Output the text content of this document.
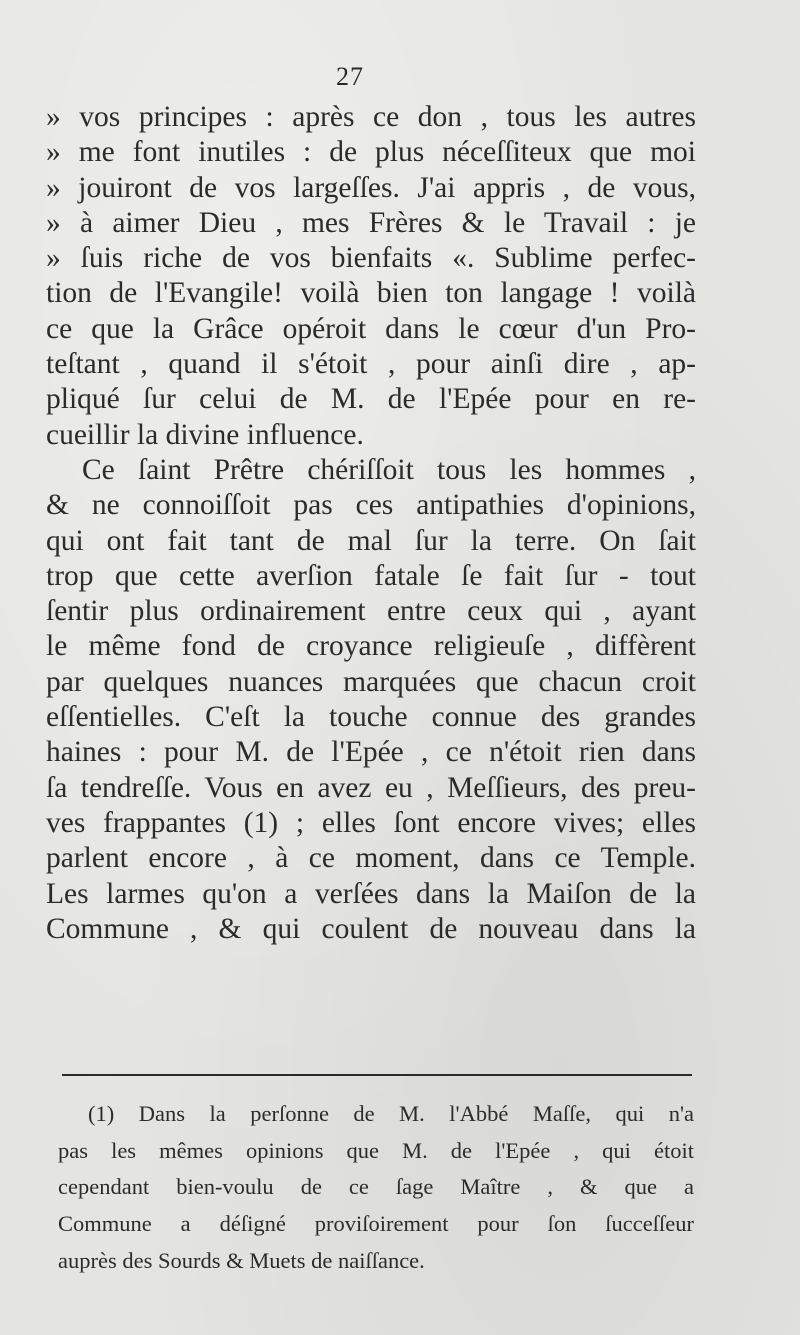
27
» vos principes : après ce don , tous les autres
» me font inutiles : de plus néceſſiteux que moi
» jouiront de vos largeſſes. J'ai appris , de vous,
» à aimer Dieu , mes Frères & le Travail : je
» ſuis riche de vos bienfaits «. Sublime perfec-
tion de l'Evangile! voilà bien ton langage ! voilà
ce que la Grâce opéroit dans le cœur d'un Pro-
teſtant , quand il s'étoit , pour ainſi dire , ap-
pliqué ſur celui de M. de l'Epée pour en re-
cueillir la divine influence.
Ce ſaint Prêtre chériſſoit tous les hommes ,
& ne connoiſſoit pas ces antipathies d'opinions,
qui ont fait tant de mal ſur la terre. On ſait
trop que cette averſion fatale ſe fait ſur - tout
ſentir plus ordinairement entre ceux qui , ayant
le même fond de croyance religieuſe , diffèrent
par quelques nuances marquées que chacun croit
eſſentielles. C'eſt la touche connue des grandes
haines : pour M. de l'Epée , ce n'étoit rien dans
ſa tendreſſe. Vous en avez eu , Meſſieurs, des preu-
ves frappantes (1) ; elles ſont encore vives; elles
parlent encore , à ce moment, dans ce Temple.
Les larmes qu'on a verſées dans la Maiſon de la
Commune , & qui coulent de nouveau dans la
(1) Dans la perſonne de M. l'Abbé Maſſe, qui n'a
pas les mêmes opinions que M. de l'Epée , qui étoit
cependant bien-voulu de ce ſage Maître , & que a
Commune a déſigné proviſoirement pour ſon ſucceſſeur
auprès des Sourds & Muets de naiſſance.
